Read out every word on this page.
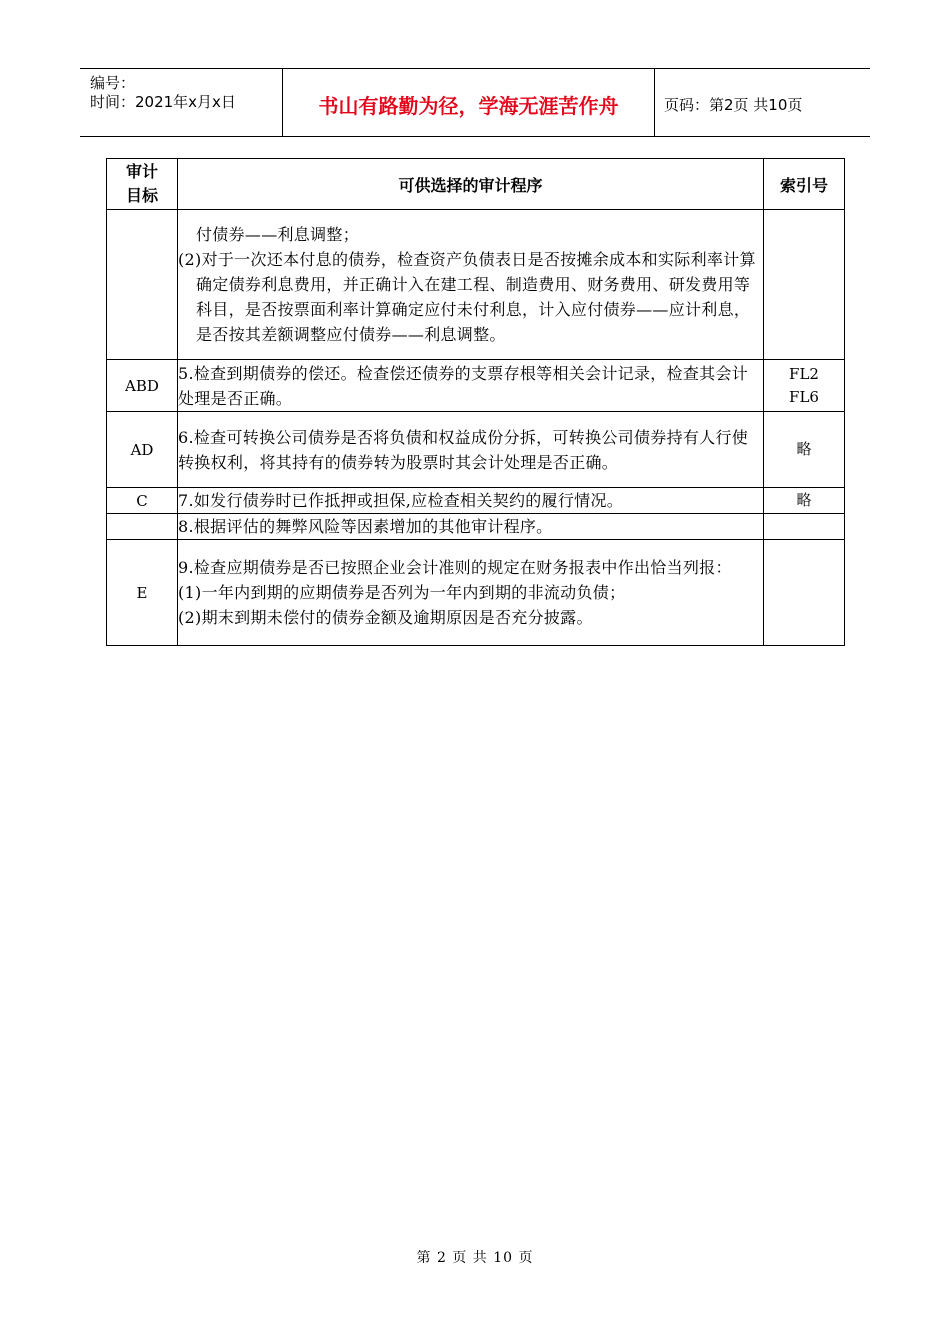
编号：
时间：2021年x月x日	书山有路勤为径，学海无涯苦作舟	页码：第2页 共10页
审计
目标	可供选择的审计程序	索引号

	付债券——利息调整；
(2)对于一次还本付息的债券，检查资产负债表日是否按摊余成本和实际利率计算确定债券利息费用，并正确计入在建工程、制造费用、财务费用、研发费用等科目，是否按票面利率计算确定应付未付利息，计入应付债券——应计利息，是否按其差额调整应付债券——利息调整。	

ABD	5.检查到期债券的偿还。检查偿还债券的支票存根等相关会计记录，检查其会计处理是否正确。	FL2
FL6

AD	6.检查可转换公司债券是否将负债和权益成份分拆，可转换公司债券持有人行使转换权利，将其持有的债券转为股票时其会计处理是否正确。	略

C	7.如发行债券时已作抵押或担保,应检查相关契约的履行情况。	略

	8.根据评估的舞弊风险等因素增加的其他审计程序。	

E	9.检查应期债券是否已按照企业会计准则的规定在财务报表中作出恰当列报：
(1)一年内到期的应期债券是否列为一年内到期的非流动负债；
(2)期末到期未偿付的债券金额及逾期原因是否充分披露。	

第 2 页 共 10 页
